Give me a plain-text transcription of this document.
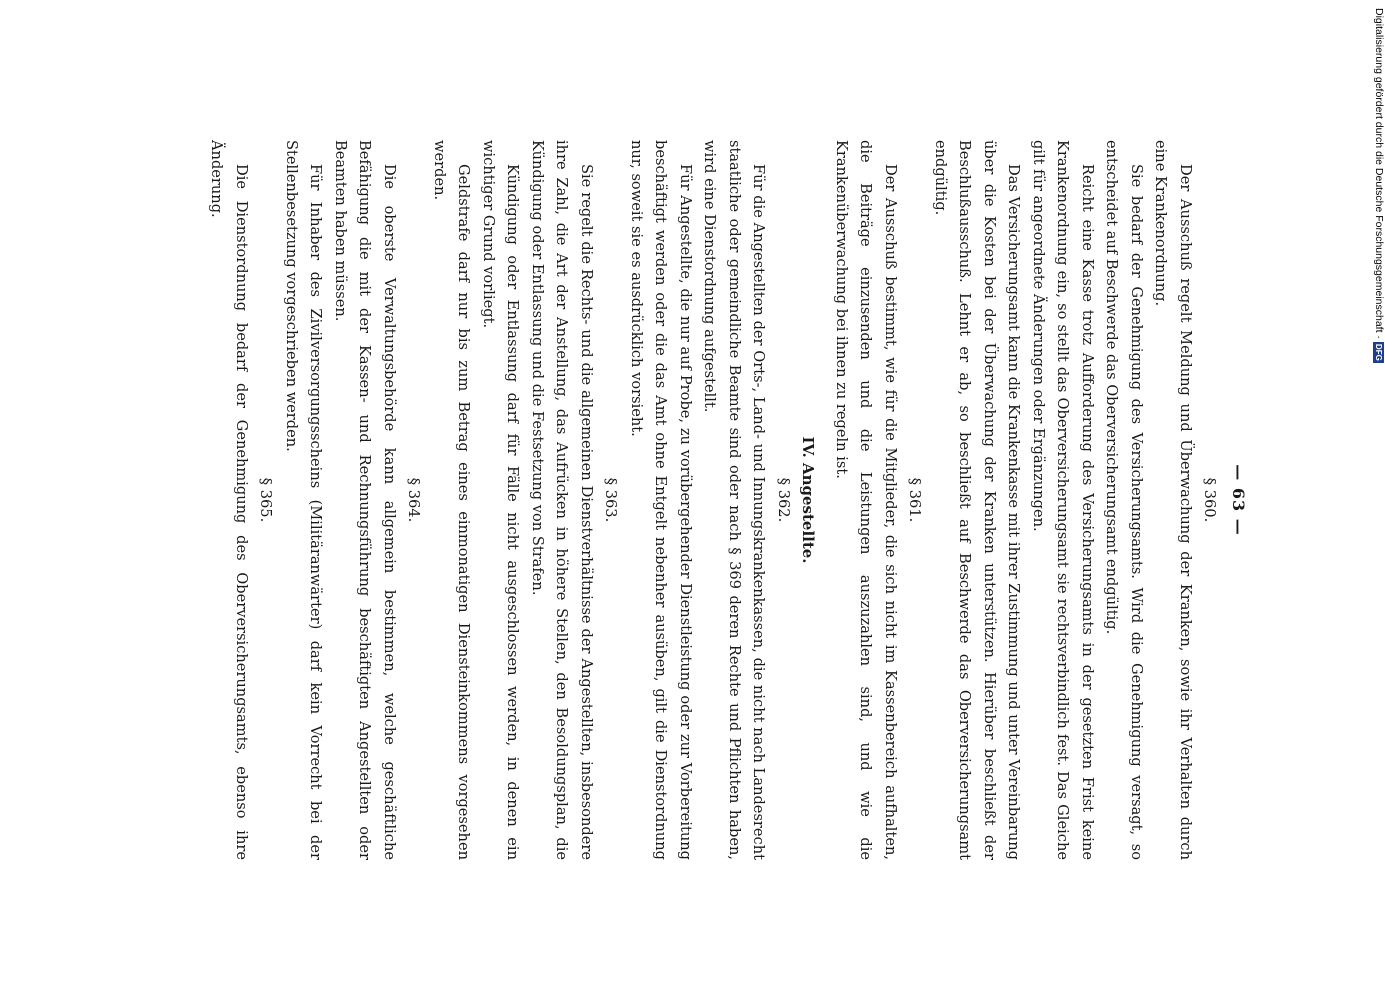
— 63 —
§ 360.

Der Ausschuß regelt Meldung und Überwachung der Kranken, sowie ihr Verhalten durch eine Krankenordnung.

Sie bedarf der Genehmigung des Versicherungsamts. Wird die Genehmigung versagt, so entscheidet auf Beschwerde das Oberversicherungsamt endgültig.

Reicht eine Kasse trotz Aufforderung des Versicherungsamts in der gesetzten Frist keine Krankenordnung ein, so stellt das Oberversicherungsamt sie rechtsverbindlich fest. Das Gleiche gilt für angeordnete Änderungen oder Ergänzungen.

Das Versicherungsamt kann die Krankenkasse mit ihrer Zustimmung und unter Vereinbarung über die Kosten bei der Überwachung der Kranken unterstützen. Hierüber beschließt der Beschlußausschuß. Lehnt er ab, so beschließt auf Beschwerde das Oberversicherungsamt endgültig.

§ 361.

Der Ausschuß bestimmt, wie für die Mitglieder, die sich nicht im Kassenbereich aufhalten, die Beiträge einzusenden und die Leistungen auszuzahlen sind, und wie die Krankenüberwachung bei ihnen zu regeln ist.

IV. Angestellte.
§ 362.

Für die Angestellten der Orts-, Land- und Innungskrankenkassen, die nicht nach Landesrecht staatliche oder gemeindliche Beamte sind oder nach § 369 deren Rechte und Pflichten haben, wird eine Dienstordnung aufgestellt.

Für Angestellte, die nur auf Probe, zu vorübergehender Dienstleistung oder zur Vorbereitung beschäftigt werden oder die das Amt ohne Entgelt nebenher ausüben, gilt die Dienstordnung nur, soweit sie es ausdrücklich vorsieht.

§ 363.

Sie regelt die Rechts- und die allgemeinen Dienstverhältnisse der Angestellten, insbesondere ihre Zahl, die Art der Anstellung, das Aufrücken in höhere Stellen, den Besoldungsplan, die Kündigung oder Entlassung und die Festsetzung von Strafen.

Kündigung oder Entlassung darf für Fälle nicht ausgeschlossen werden, in denen ein wichtiger Grund vorliegt.

Geldstrafe darf nur bis zum Betrag eines einmonatigen Diensteinkommens vorgesehen werden.

§ 364.

Die oberste Verwaltungsbehörde kann allgemein bestimmen, welche geschäftliche Befähigung die mit der Kassen- und Rechnungsführung beschäftigten Angestellten oder Beamten haben müssen.

Für Inhaber des Zivilversorgungsscheins (Militäranwärter) darf kein Vorrecht bei der Stellenbesetzung vorgeschrieben werden.

§ 365.

Die Dienstordnung bedarf der Genehmigung des Oberversicherungsamts, ebenso ihre Änderung.	Digitalisierung gefördert durch die Deutsche Forschungsgemeinschaft ·
DFG
